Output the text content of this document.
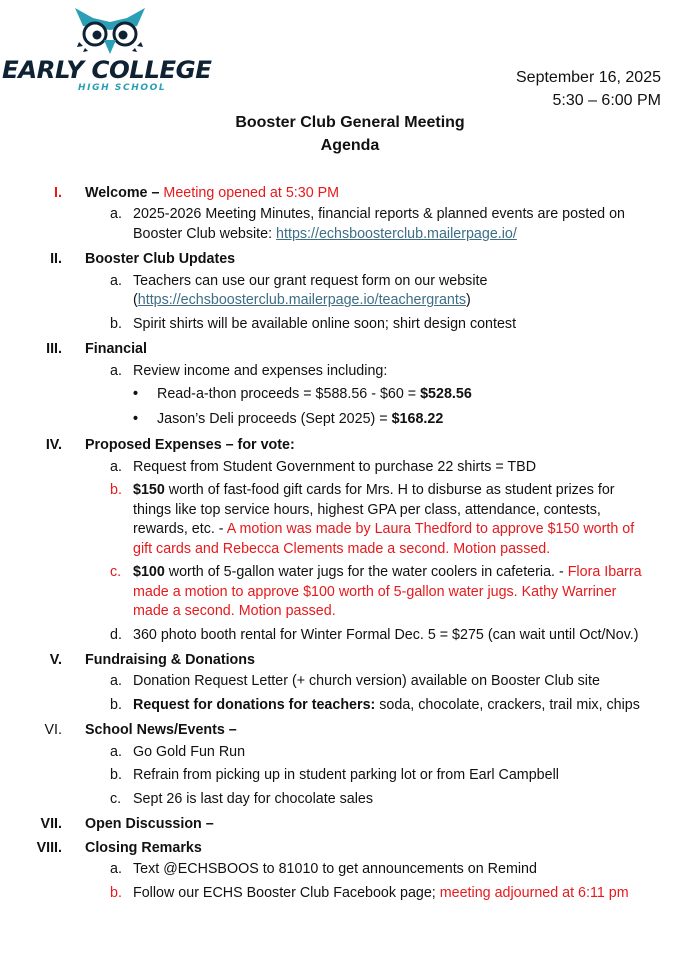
EARLY COLLEGE
HIGH SCHOOL
September 16, 2025
5:30 – 6:00 PM
Booster Club General Meeting
Agenda
I. Welcome – Meeting opened at 5:30 PM
a. 2025-2026 Meeting Minutes, financial reports & planned events are posted on Booster Club website: https://echsboosterclub.mailerpage.io/
II. Booster Club Updates
a. Teachers can use our grant request form on our website (https://echsboosterclub.mailerpage.io/teachergrants)
b. Spirit shirts will be available online soon; shirt design contest
III. Financial
a. Review income and expenses including:
• Read-a-thon proceeds = $588.56 - $60 = $528.56
• Jason’s Deli proceeds (Sept 2025) = $168.22
IV. Proposed Expenses – for vote:
a. Request from Student Government to purchase 22 shirts = TBD
b. $150 worth of fast-food gift cards for Mrs. H to disburse as student prizes for things like top service hours, highest GPA per class, attendance, contests, rewards, etc. - A motion was made by Laura Thedford to approve $150 worth of gift cards and Rebecca Clements made a second. Motion passed.
c. $100 worth of 5-gallon water jugs for the water coolers in cafeteria. - Flora Ibarra made a motion to approve $100 worth of 5-gallon water jugs. Kathy Warriner made a second. Motion passed.
d. 360 photo booth rental for Winter Formal Dec. 5 = $275 (can wait until Oct/Nov.)
V. Fundraising & Donations
a. Donation Request Letter (+ church version) available on Booster Club site
b. Request for donations for teachers: soda, chocolate, crackers, trail mix, chips
VI. School News/Events –
a. Go Gold Fun Run
b. Refrain from picking up in student parking lot or from Earl Campbell
c. Sept 26 is last day for chocolate sales
VII. Open Discussion –
VIII. Closing Remarks
a. Text @ECHSBOOS to 81010 to get announcements on Remind
b. Follow our ECHS Booster Club Facebook page; meeting adjourned at 6:11 pm
